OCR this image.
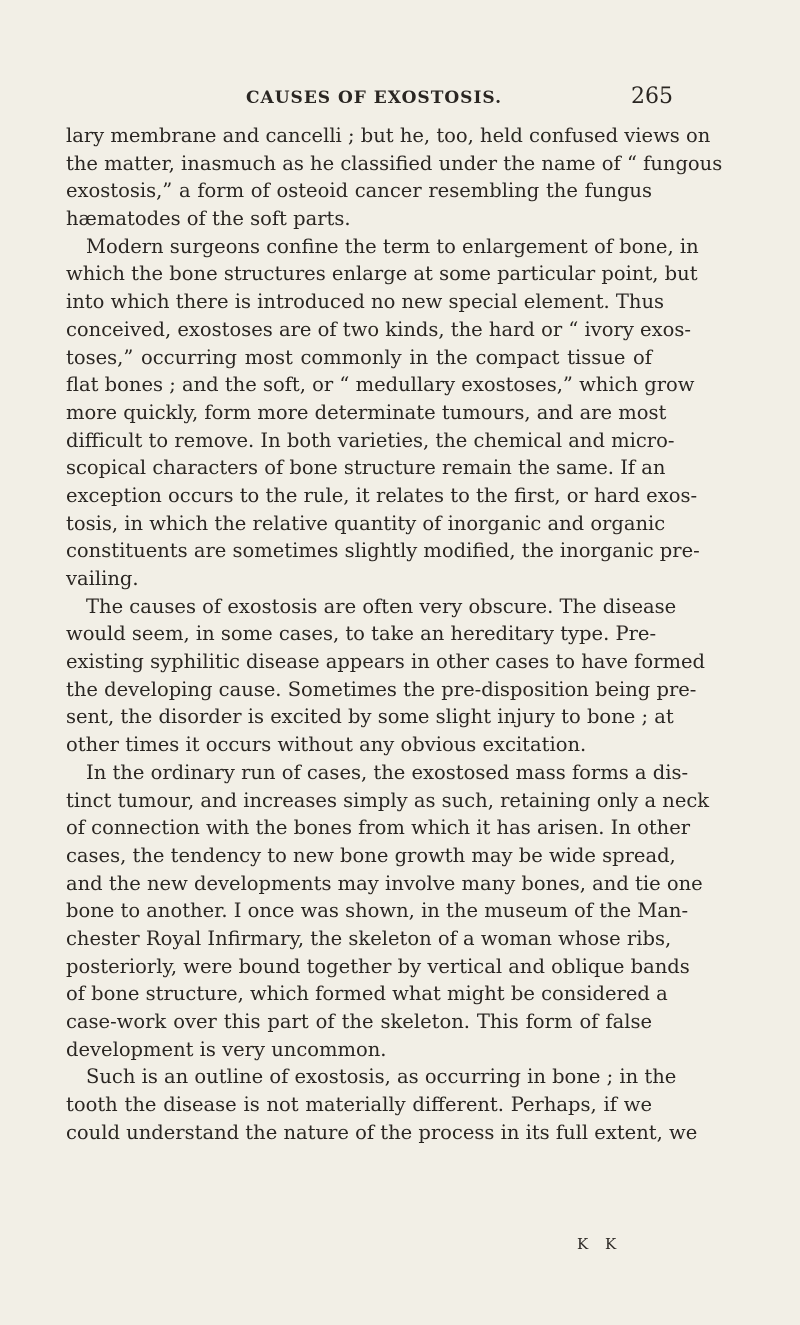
CAUSES OF EXOSTOSIS.	265
lary membrane and cancelli ; but he, too, held confused views on
the matter, inasmuch as he classified under the name of “ fungous
exostosis,” a form of osteoid cancer resembling the fungus
hæmatodes of the soft parts.
Modern surgeons confine the term to enlargement of bone, in
which the bone structures enlarge at some particular point, but
into which there is introduced no new special element. Thus
conceived, exostoses are of two kinds, the hard or “ ivory exos-
toses,” occurring most commonly in the compact tissue of
flat bones ; and the soft, or “ medullary exostoses,” which grow
more quickly, form more determinate tumours, and are most
difficult to remove. In both varieties, the chemical and micro-
scopical characters of bone structure remain the same. If an
exception occurs to the rule, it relates to the first, or hard exos-
tosis, in which the relative quantity of inorganic and organic
constituents are sometimes slightly modified, the inorganic pre-
vailing.
The causes of exostosis are often very obscure. The disease
would seem, in some cases, to take an hereditary type. Pre-
existing syphilitic disease appears in other cases to have formed
the developing cause. Sometimes the pre-disposition being pre-
sent, the disorder is excited by some slight injury to bone ; at
other times it occurs without any obvious excitation.
In the ordinary run of cases, the exostosed mass forms a dis-
tinct tumour, and increases simply as such, retaining only a neck
of connection with the bones from which it has arisen. In other
cases, the tendency to new bone growth may be wide spread,
and the new developments may involve many bones, and tie one
bone to another. I once was shown, in the museum of the Man-
chester Royal Infirmary, the skeleton of a woman whose ribs,
posteriorly, were bound together by vertical and oblique bands
of bone structure, which formed what might be considered a
case-work over this part of the skeleton. This form of false
development is very uncommon.
Such is an outline of exostosis, as occurring in bone ; in the
tooth the disease is not materially different. Perhaps, if we
could understand the nature of the process in its full extent, we
K K
